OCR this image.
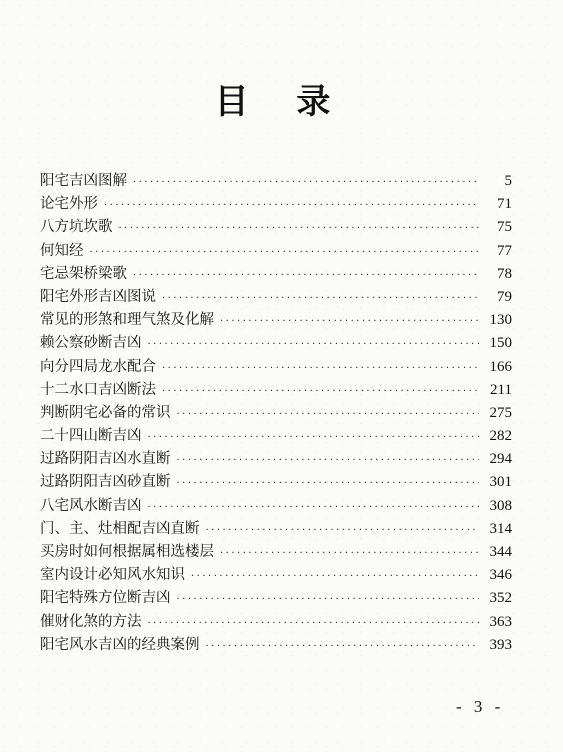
目 录
阳宅吉凶图解 ·····	5
论宅外形 ·····	71
八方坑坎歌 ·····	75
何知经 ·····	77
宅忌架桥梁歌 ·····	78
阳宅外形吉凶图说 ·····	79
常见的形煞和理气煞及化解 ·····	130
赖公察砂断吉凶 ·····	150
向分四局龙水配合 ·····	166
十二水口吉凶断法 ·····	211
判断阴宅必备的常识 ·····	275
二十四山断吉凶 ·····	282
过路阴阳吉凶水直断 ·····	294
过路阴阳吉凶砂直断 ·····	301
八宅风水断吉凶 ·····	308
门、主、灶相配吉凶直断 ·····	314
买房时如何根据属相选楼层 ·····	344
室内设计必知风水知识 ·····	346
阳宅特殊方位断吉凶 ·····	352
催财化煞的方法 ·····	363
阳宅风水吉凶的经典案例 ·····	393
- 3 -
